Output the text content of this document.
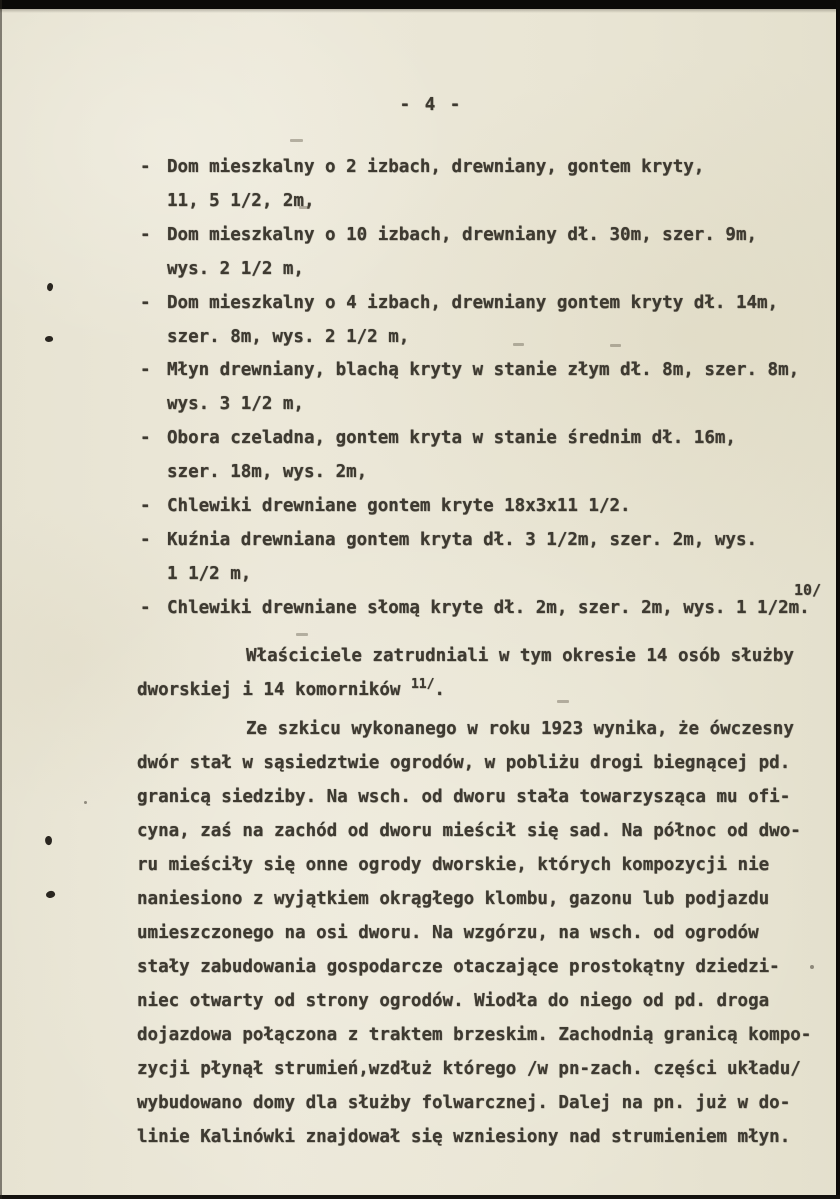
- 4 -
- Dom mieszkalny o 2 izbach, drewniany, gontem kryty,
11, 5 1/2, 2m,
- Dom mieszkalny o 10 izbach, drewniany dł. 30m, szer. 9m,
wys. 2 1/2 m,
- Dom mieszkalny o 4 izbach, drewniany gontem kryty dł. 14m,
szer. 8m, wys. 2 1/2 m,
- Młyn drewniany, blachą kryty w stanie złym dł. 8m, szer. 8m,
wys. 3 1/2 m,
- Obora czeladna, gontem kryta w stanie średnim dł. 16m,
szer. 18m, wys. 2m,
- Chlewiki drewniane gontem kryte 18x3x11 1/2.
- Kuźnia drewniana gontem kryta dł. 3 1/2m, szer. 2m, wys.
1 1/2 m,
- Chlewiki drewniane słomą kryte dł. 2m, szer. 2m, wys. 1 1/2m.
10/
Właściciele zatrudniali w tym okresie 14 osób służby
dworskiej i 14 komorników $^{11/}$.
Ze szkicu wykonanego w roku 1923 wynika, że ówczesny
dwór stał w sąsiedztwie ogrodów, w pobliżu drogi biegnącej pd.
granicą siedziby. Na wsch. od dworu stała towarzysząca mu ofi-
cyna, zaś na zachód od dworu mieścił się sad. Na północ od dwo-
ru mieściły się onne ogrody dworskie, których kompozycji nie
naniesiono z wyjątkiem okrągłego klombu, gazonu lub podjazdu
umieszczonego na osi dworu. Na wzgórzu, na wsch. od ogrodów
stały zabudowania gospodarcze otaczające prostokątny dziedzi-
niec otwarty od strony ogrodów. Wiodła do niego od pd. droga
dojazdowa połączona z traktem brzeskim. Zachodnią granicą kompo-
zycji płynął strumień,wzdłuż którego /w pn-zach. części układu/
wybudowano domy dla służby folwarcznej. Dalej na pn. już w do-
linie Kalinówki znajdował się wzniesiony nad strumieniem młyn.
